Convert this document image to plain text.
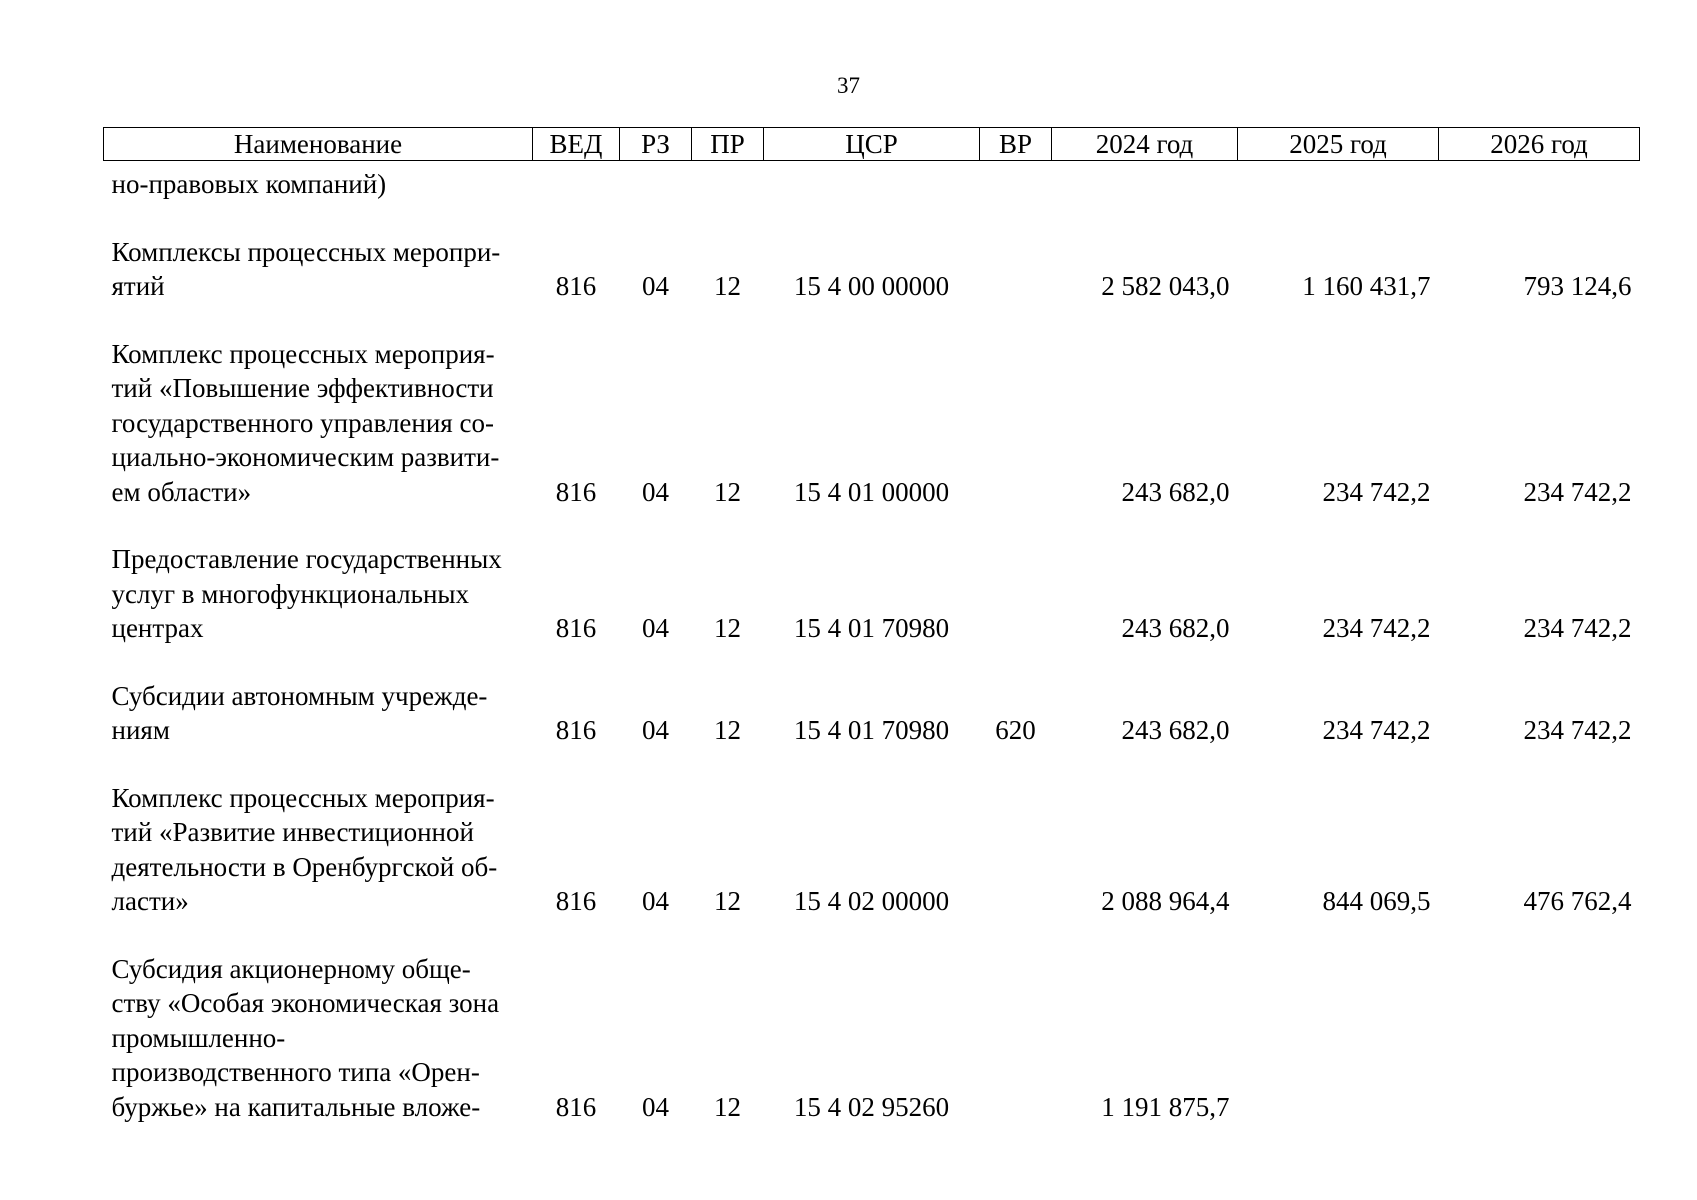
37
Наименование	ВЕД	РЗ	ПР	ЦСР	ВР	2024 год	2025 год	2026 год

но-правовых компаний)								

Комплексы процессных меропри-
ятий	816	04	12	15 4 00 00000		2 582 043,0	1 160 431,7	793 124,6

Комплекс процессных мероприя-
тий «Повышение эффективности
государственного управления со-
циально-экономическим развити-
ем области»	816	04	12	15 4 01 00000		243 682,0	234 742,2	234 742,2

Предоставление государственных
услуг в многофункциональных
центрах	816	04	12	15 4 01 70980		243 682,0	234 742,2	234 742,2

Субсидии автономным учрежде-
ниям	816	04	12	15 4 01 70980	620	243 682,0	234 742,2	234 742,2

Комплекс процессных мероприя-
тий «Развитие инвестиционной
деятельности в Оренбургской об-
ласти»	816	04	12	15 4 02 00000		2 088 964,4	844 069,5	476 762,4

Субсидия акционерному обще-
ству «Особая экономическая зона
промышленно-
производственного типа «Орен-
буржье» на капитальные вложе-	816	04	12	15 4 02 95260		1 191 875,7		
